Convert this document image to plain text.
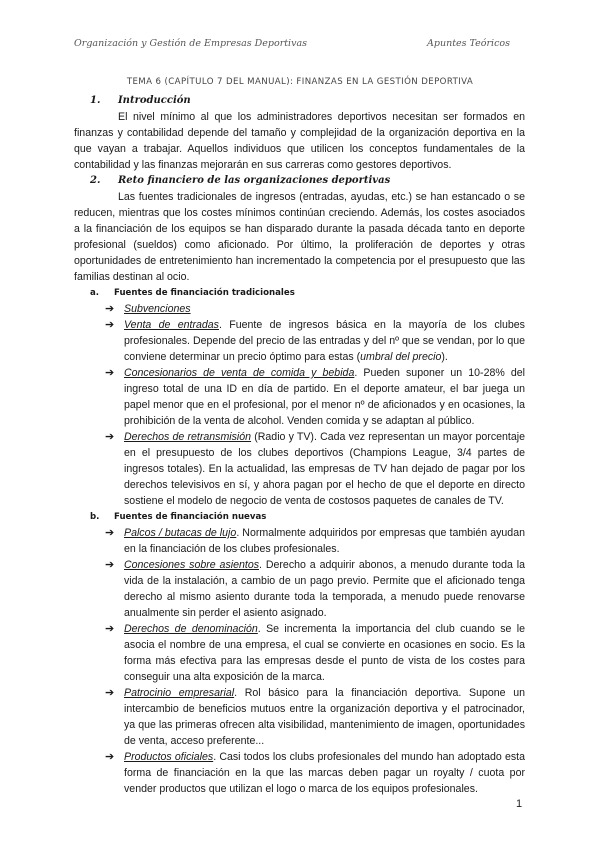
Organización y Gestión de Empresas Deportivas	Apuntes Teóricos
TEMA 6 (CAPÍTULO 7 DEL MANUAL): FINANZAS EN LA GESTIÓN DEPORTIVA
1. Introducción
El nivel mínimo al que los administradores deportivos necesitan ser formados en finanzas y contabilidad depende del tamaño y complejidad de la organización deportiva en la que vayan a trabajar. Aquellos individuos que utilicen los conceptos fundamentales de la contabilidad y las finanzas mejorarán en sus carreras como gestores deportivos.
2. Reto financiero de las organizaciones deportivas
Las fuentes tradicionales de ingresos (entradas, ayudas, etc.) se han estancado o se reducen, mientras que los costes mínimos continúan creciendo. Además, los costes asociados a la financiación de los equipos se han disparado durante la pasada década tanto en deporte profesional (sueldos) como aficionado. Por último, la proliferación de deportes y otras oportunidades de entretenimiento han incrementado la competencia por el presupuesto que las familias destinan al ocio.
a. Fuentes de financiación tradicionales
➔ Subvenciones
➔ Venta de entradas. Fuente de ingresos básica en la mayoría de los clubes profesionales. Depende del precio de las entradas y del nº que se vendan, por lo que conviene determinar un precio óptimo para estas (umbral del precio).
➔ Concesionarios de venta de comida y bebida. Pueden suponer un 10-28% del ingreso total de una ID en día de partido. En el deporte amateur, el bar juega un papel menor que en el profesional, por el menor nº de aficionados y en ocasiones, la prohibición de la venta de alcohol. Venden comida y se adaptan al público.
➔ Derechos de retransmisión (Radio y TV). Cada vez representan un mayor porcentaje en el presupuesto de los clubes deportivos (Champions League, 3/4 partes de ingresos totales). En la actualidad, las empresas de TV han dejado de pagar por los derechos televisivos en sí, y ahora pagan por el hecho de que el deporte en directo sostiene el modelo de negocio de venta de costosos paquetes de canales de TV.
b. Fuentes de financiación nuevas
➔ Palcos / butacas de lujo. Normalmente adquiridos por empresas que también ayudan en la financiación de los clubes profesionales.
➔ Concesiones sobre asientos. Derecho a adquirir abonos, a menudo durante toda la vida de la instalación, a cambio de un pago previo. Permite que el aficionado tenga derecho al mismo asiento durante toda la temporada, a menudo puede renovarse anualmente sin perder el asiento asignado.
➔ Derechos de denominación. Se incrementa la importancia del club cuando se le asocia el nombre de una empresa, el cual se convierte en ocasiones en socio. Es la forma más efectiva para las empresas desde el punto de vista de los costes para conseguir una alta exposición de la marca.
➔ Patrocinio empresarial. Rol básico para la financiación deportiva. Supone un intercambio de beneficios mutuos entre la organización deportiva y el patrocinador, ya que las primeras ofrecen alta visibilidad, mantenimiento de imagen, oportunidades de venta, acceso preferente...
➔ Productos oficiales. Casi todos los clubs profesionales del mundo han adoptado esta forma de financiación en la que las marcas deben pagar un royalty / cuota por vender productos que utilizan el logo o marca de los equipos profesionales.
1
